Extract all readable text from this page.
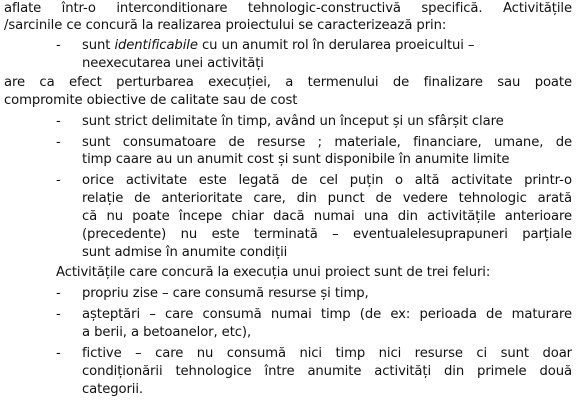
aflate într-o interconditionare tehnologic-constructivă specifică. Activitățile
/sarcinile ce concură la realizarea proiectului se caracterizează prin:
-	sunt identificabile cu un anumit rol în derularea proeicultui –
neexecutarea unei activități
are ca efect perturbarea execuției, a termenului de finalizare sau poate
compromite obiective de calitate sau de cost
-	sunt strict delimitate în timp, având un început și un sfârșit clare
-	sunt consumatoare de resurse ; materiale, financiare, umane, de
timp caare au un anumit cost și sunt disponibile în anumite limite
-	orice activitate este legată de cel puțin o altă activitate printr-o
relație de anterioritate care, din punct de vedere tehnologic arată
că nu poate începe chiar dacă numai una din activitățile anterioare
(precedente) nu este terminată – eventualelesuprapuneri parțiale
sunt admise în anumite condiții
Activitățile care concură la execuția unui proiect sunt de trei feluri:
-	propriu zise – care consumă resurse și timp,
-	așteptări – care consumă numai timp (de ex: perioada de maturare
a berii, a betoanelor, etc),
-	fictive – care nu consumă nici timp nici resurse ci sunt doar
condiționării tehnologice între anumite activități din primele două
categorii.
